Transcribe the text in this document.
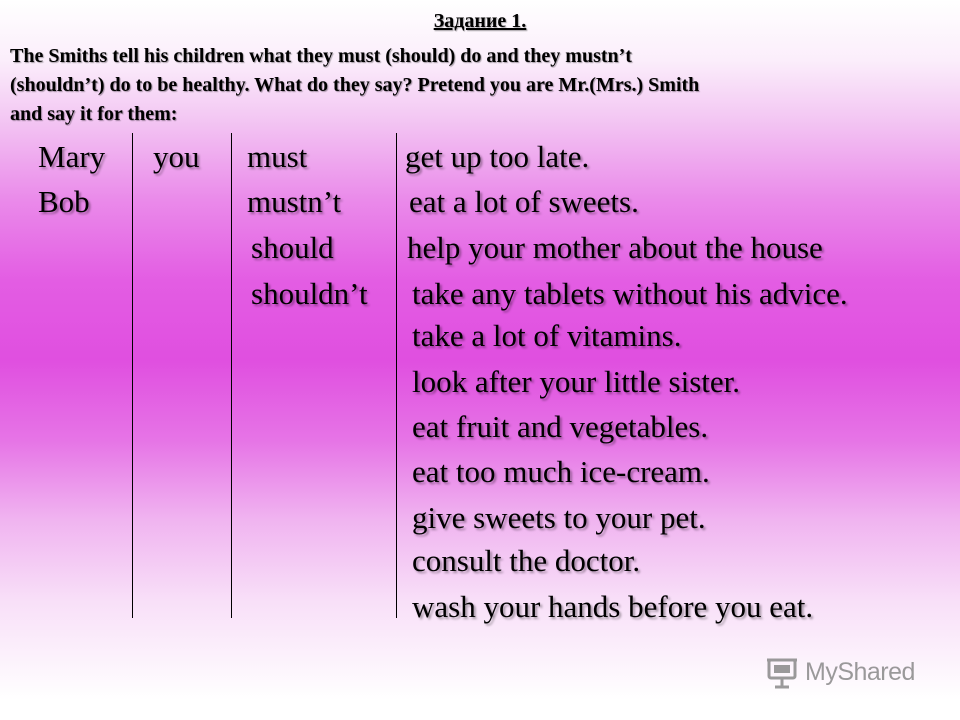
Задание 1.
The Smiths tell his children what they must (should) do and they mustn’t
(shouldn’t) do to be healthy. What do they say? Pretend you are Mr.(Mrs.) Smith
and say it for them:
Mary
Bob
you must
mustn’t
should
shouldn’t
get up too late.
eat a lot of sweets.
help your mother about the house
take any tablets without his advice.
take a lot of vitamins.
look after your little sister.
eat fruit and vegetables.
eat too much ice-cream.
give sweets to your pet.
consult the doctor.
wash your hands before you eat.
MyShared
